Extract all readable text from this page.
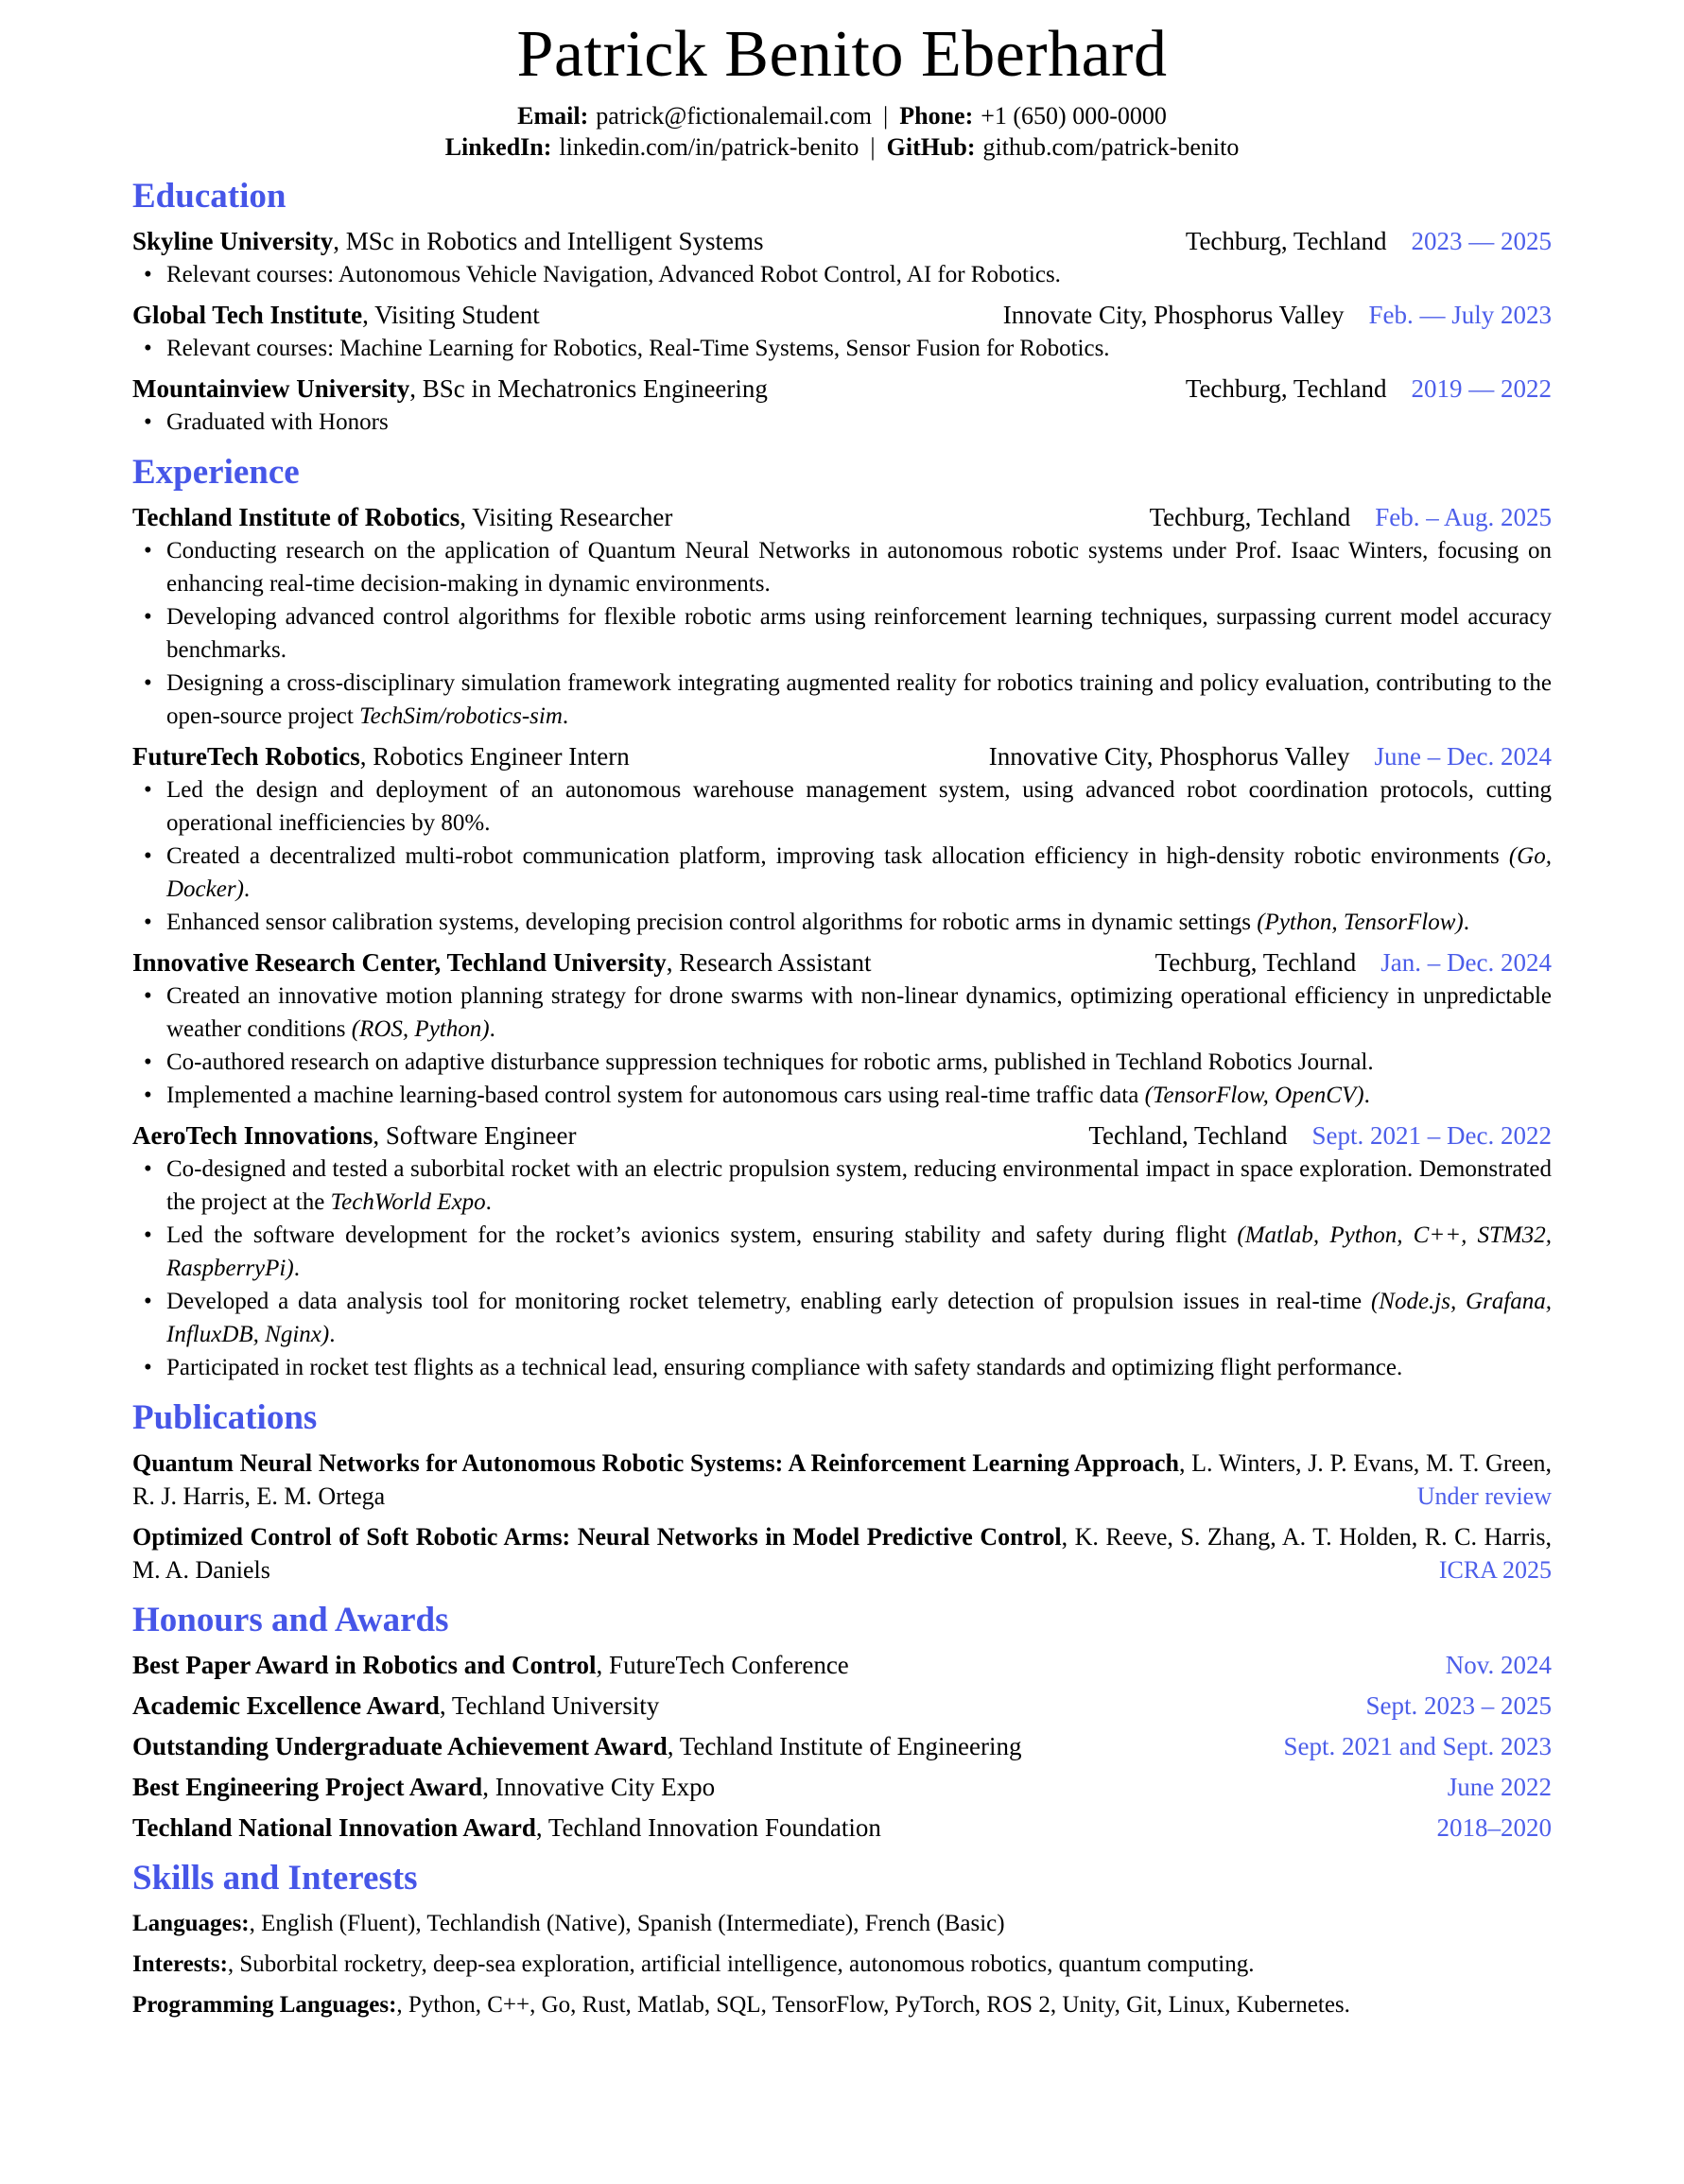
Patrick Benito Eberhard
Email: patrick@fictionalemail.com | Phone: +1 (650) 000-0000
LinkedIn: linkedin.com/in/patrick-benito | GitHub: github.com/patrick-benito
Education
Skyline University, MSc in Robotics and Intelligent Systems	Techburg, Techland 2023 — 2025
• Relevant courses: Autonomous Vehicle Navigation, Advanced Robot Control, AI for Robotics.
Global Tech Institute, Visiting Student	Innovate City, Phosphorus Valley Feb. — July 2023
• Relevant courses: Machine Learning for Robotics, Real-Time Systems, Sensor Fusion for Robotics.
Mountainview University, BSc in Mechatronics Engineering	Techburg, Techland 2019 — 2022
• Graduated with Honors
Experience
Techland Institute of Robotics, Visiting Researcher	Techburg, Techland Feb. – Aug. 2025
• Conducting research on the application of Quantum Neural Networks in autonomous robotic systems under Prof. Isaac Winters, focusing on enhancing real-time decision-making in dynamic environments.
• Developing advanced control algorithms for flexible robotic arms using reinforcement learning techniques, surpassing current model accuracy benchmarks.
• Designing a cross-disciplinary simulation framework integrating augmented reality for robotics training and policy evaluation, contributing to the open-source project TechSim/robotics-sim.
FutureTech Robotics, Robotics Engineer Intern	Innovative City, Phosphorus Valley June – Dec. 2024
• Led the design and deployment of an autonomous warehouse management system, using advanced robot coordination protocols, cutting operational inefficiencies by 80%.
• Created a decentralized multi-robot communication platform, improving task allocation efficiency in high-density robotic environments (Go, Docker).
• Enhanced sensor calibration systems, developing precision control algorithms for robotic arms in dynamic settings (Python, TensorFlow).
Innovative Research Center, Techland University, Research Assistant	Techburg, Techland Jan. – Dec. 2024
• Created an innovative motion planning strategy for drone swarms with non-linear dynamics, optimizing operational efficiency in unpredictable weather conditions (ROS, Python).
• Co-authored research on adaptive disturbance suppression techniques for robotic arms, published in Techland Robotics Journal.
• Implemented a machine learning-based control system for autonomous cars using real-time traffic data (TensorFlow, OpenCV).
AeroTech Innovations, Software Engineer	Techland, Techland Sept. 2021 – Dec. 2022
• Co-designed and tested a suborbital rocket with an electric propulsion system, reducing environmental impact in space exploration. Demonstrated the project at the TechWorld Expo.
• Led the software development for the rocket’s avionics system, ensuring stability and safety during flight (Matlab, Python, C++, STM32, RaspberryPi).
• Developed a data analysis tool for monitoring rocket telemetry, enabling early detection of propulsion issues in real-time (Node.js, Grafana, InfluxDB, Nginx).
• Participated in rocket test flights as a technical lead, ensuring compliance with safety standards and optimizing flight performance.
Publications
Quantum Neural Networks for Autonomous Robotic Systems: A Reinforcement Learning Approach, L. Winters, J. P. Evans, M. T. Green, R. J. Harris, E. M. Ortega	Under review
Optimized Control of Soft Robotic Arms: Neural Networks in Model Predictive Control, K. Reeve, S. Zhang, A. T. Holden, R. C. Harris, M. A. Daniels	ICRA 2025
Honours and Awards
Best Paper Award in Robotics and Control, FutureTech Conference	Nov. 2024
Academic Excellence Award, Techland University	Sept. 2023 – 2025
Outstanding Undergraduate Achievement Award, Techland Institute of Engineering	Sept. 2021 and Sept. 2023
Best Engineering Project Award, Innovative City Expo	June 2022
Techland National Innovation Award, Techland Innovation Foundation	2018–2020
Skills and Interests

Languages:, English (Fluent), Techlandish (Native), Spanish (Intermediate), French (Basic)

Interests:, Suborbital rocketry, deep-sea exploration, artificial intelligence, autonomous robotics, quantum computing.

Programming Languages:, Python, C++, Go, Rust, Matlab, SQL, TensorFlow, PyTorch, ROS 2, Unity, Git, Linux, Kubernetes.
